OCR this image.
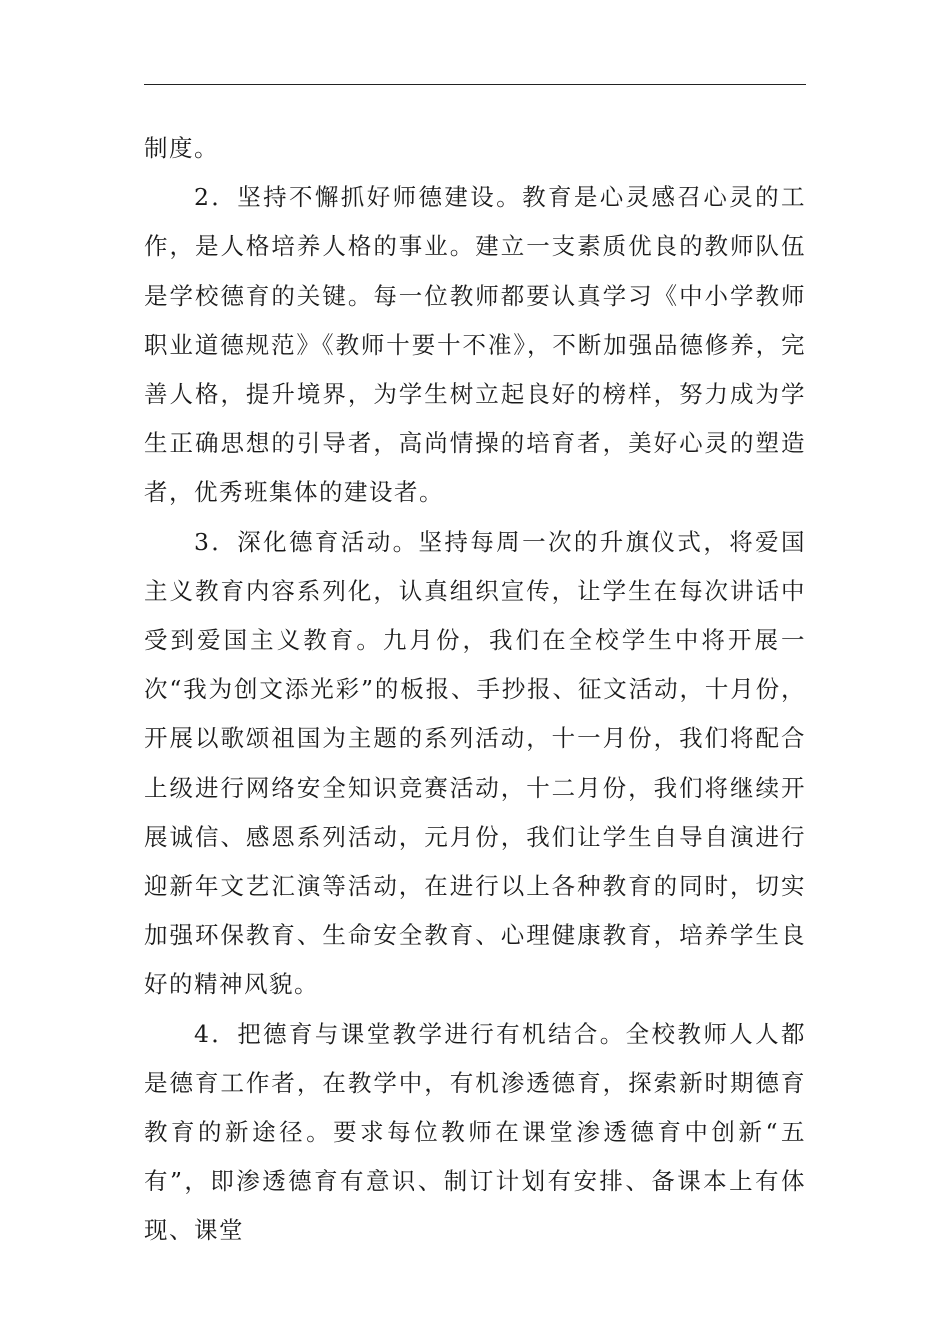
制度。

2．坚持不懈抓好师德建设。教育是心灵感召心灵的工作，是人格培养人格的事业。建立一支素质优良的教师队伍是学校德育的关键。每一位教师都要认真学习《中小学教师职业道德规范》《教师十要十不准》，不断加强品德修养，完善人格，提升境界，为学生树立起良好的榜样，努力成为学生正确思想的引导者，高尚情操的培育者，美好心灵的塑造者，优秀班集体的建设者。

3．深化德育活动。坚持每周一次的升旗仪式，将爱国主义教育内容系列化，认真组织宣传，让学生在每次讲话中受到爱国主义教育。九月份，我们在全校学生中将开展一次“我为创文添光彩”的板报、手抄报、征文活动，十月份，开展以歌颂祖国为主题的系列活动，十一月份，我们将配合上级进行网络安全知识竞赛活动，十二月份，我们将继续开展诚信、感恩系列活动，元月份，我们让学生自导自演进行迎新年文艺汇演等活动，在进行以上各种教育的同时，切实加强环保教育、生命安全教育、心理健康教育，培养学生良好的精神风貌。

4．把德育与课堂教学进行有机结合。全校教师人人都是德育工作者，在教学中，有机渗透德育，探索新时期德育教育的新途径。要求每位教师在课堂渗透德育中创新“五有”，即渗透德育有意识、制订计划有安排、备课本上有体现、课堂
